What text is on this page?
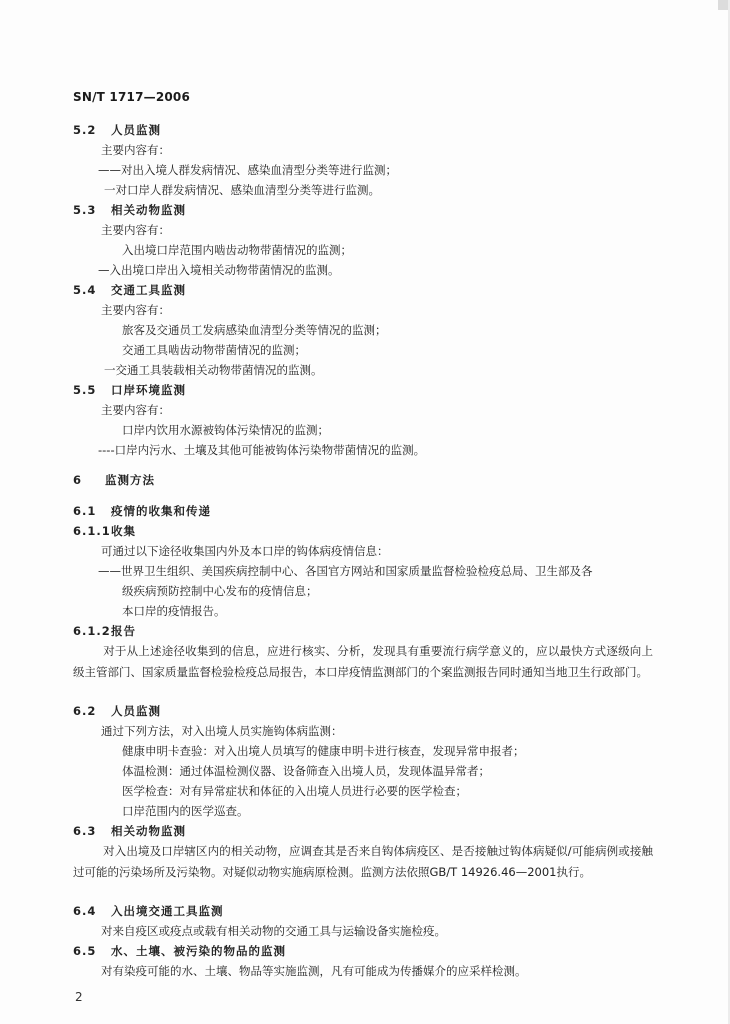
SN/T 1717—2006
5.2 人员监测
主要内容有：
——对出入境人群发病情况、感染血清型分类等进行监测；
一对口岸人群发病情况、感染血清型分类等进行监测。
5.3 相关动物监测
主要内容有：
入出境口岸范围内啮齿动物带菌情况的监测；
—入出境口岸出入境相关动物带菌情况的监测。
5.4 交通工具监测
主要内容有：
旅客及交通员工发病感染血清型分类等情况的监测；
交通工具啮齿动物带菌情况的监测；
一交通工具装载相关动物带菌情况的监测。
5.5 口岸环境监测
主要内容有：
口岸内饮用水源被钩体污染情况的监测；
----口岸内污水、土壤及其他可能被钩体污染物带菌情况的监测。
6 监测方法
6.1 疫情的收集和传递
6.1.1收集
可通过以下途径收集国内外及本口岸的钩体病疫情信息：
——世界卫生组织、美国疾病控制中心、各国官方网站和国家质量监督检验检疫总局、卫生部及各
级疾病预防控制中心发布的疫情信息；
本口岸的疫情报告。
6.1.2报告
对于从上述途径收集到的信息，应进行核实、分析，发现具有重要流行病学意义的，应以最快方式逐级向上级主管部门、国家质量监督检验检疫总局报告，本口岸疫情监测部门的个案监测报告同时通知当地卫生行政部门。
6.2 人员监测
通过下列方法，对入出境人员实施钩体病监测：
健康申明卡查验：对入出境人员填写的健康申明卡进行核查，发现异常申报者；
体温检测：通过体温检测仪器、设备筛查入出境人员，发现体温异常者；
医学检查：对有异常症状和体征的入出境人员进行必要的医学检查；
口岸范围内的医学巡查。
6.3 相关动物监测
对入出境及口岸辖区内的相关动物，应调查其是否来自钩体病疫区、是否接触过钩体病疑似/可能病例或接触过可能的污染场所及污染物。对疑似动物实施病原检测。监测方法依照GB/T 14926.46—2001执行。
6.4 入出境交通工具监测
对来自疫区或疫点或载有相关动物的交通工具与运输设备实施检疫。
6.5 水、土壤、被污染的物品的监测
对有染疫可能的水、土壤、物品等实施监测，凡有可能成为传播媒介的应采样检测。
2
